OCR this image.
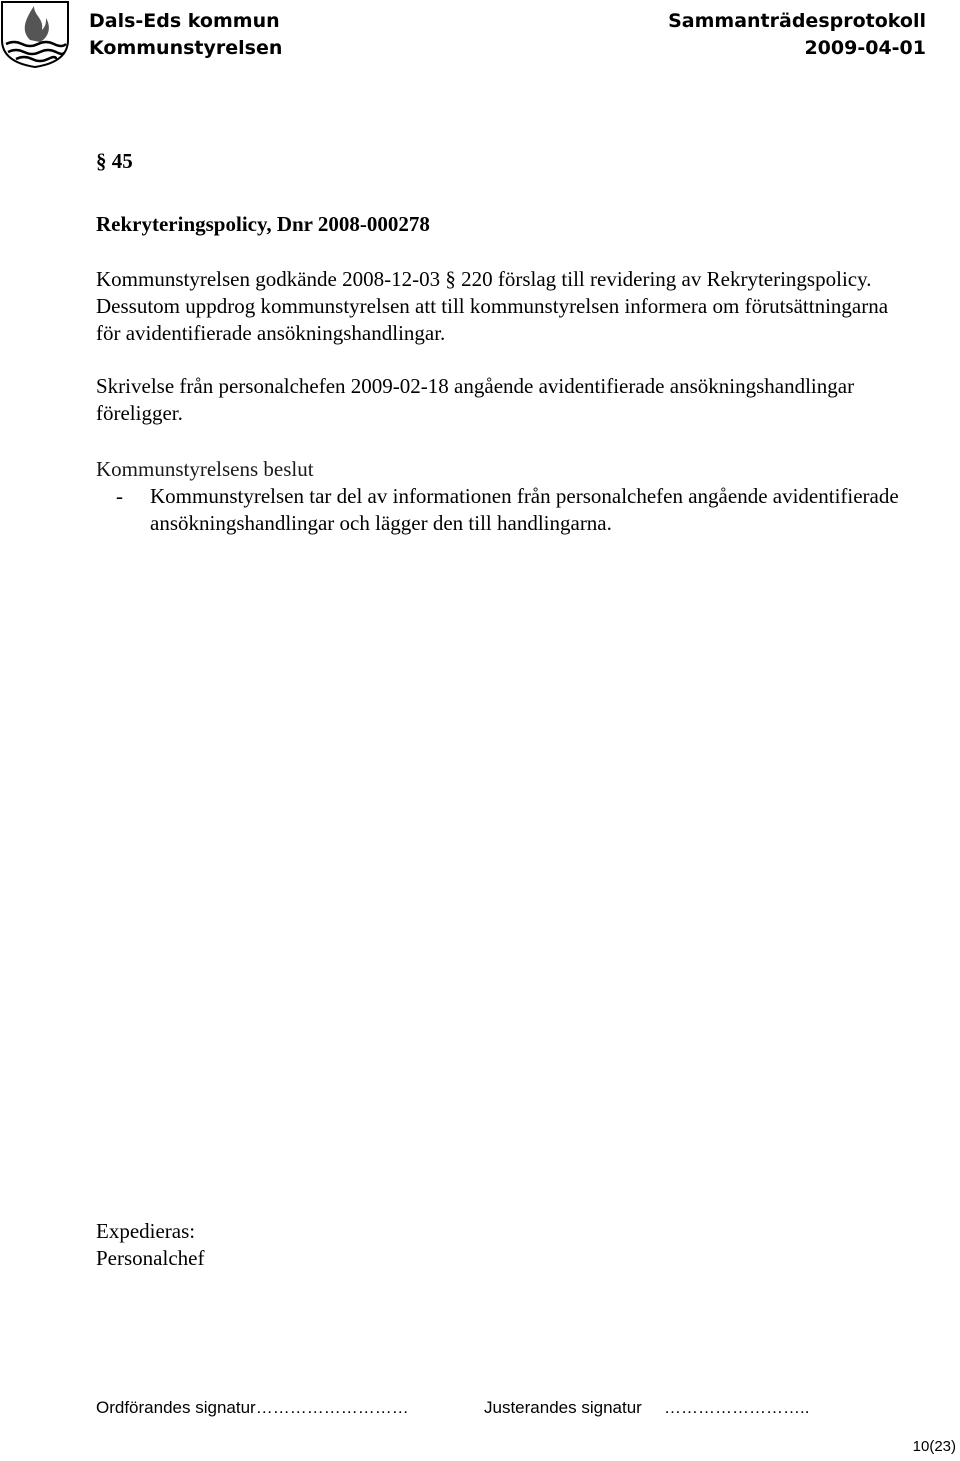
Dals-Eds kommun
Kommunstyrelsen
Sammanträdesprotokoll
2009-04-01
§ 45
Rekryteringspolicy, Dnr 2008-000278
Kommunstyrelsen godkände 2008-12-03 § 220 förslag till revidering av Rekryteringspolicy. Dessutom uppdrog kommunstyrelsen att till kommunstyrelsen informera om förutsättningarna för avidentifierade ansökningshandlingar.
Skrivelse från personalchefen 2009-02-18 angående avidentifierade ansökningshandlingar föreligger.
Kommunstyrelsens beslut
- Kommunstyrelsen tar del av informationen från personalchefen angående avidentifierade ansökningshandlingar och lägger den till handlingarna.
Expedieras:
Personalchef
Ordförandes signatur………………………	Justerandes signatur ……………………..
10(23)
